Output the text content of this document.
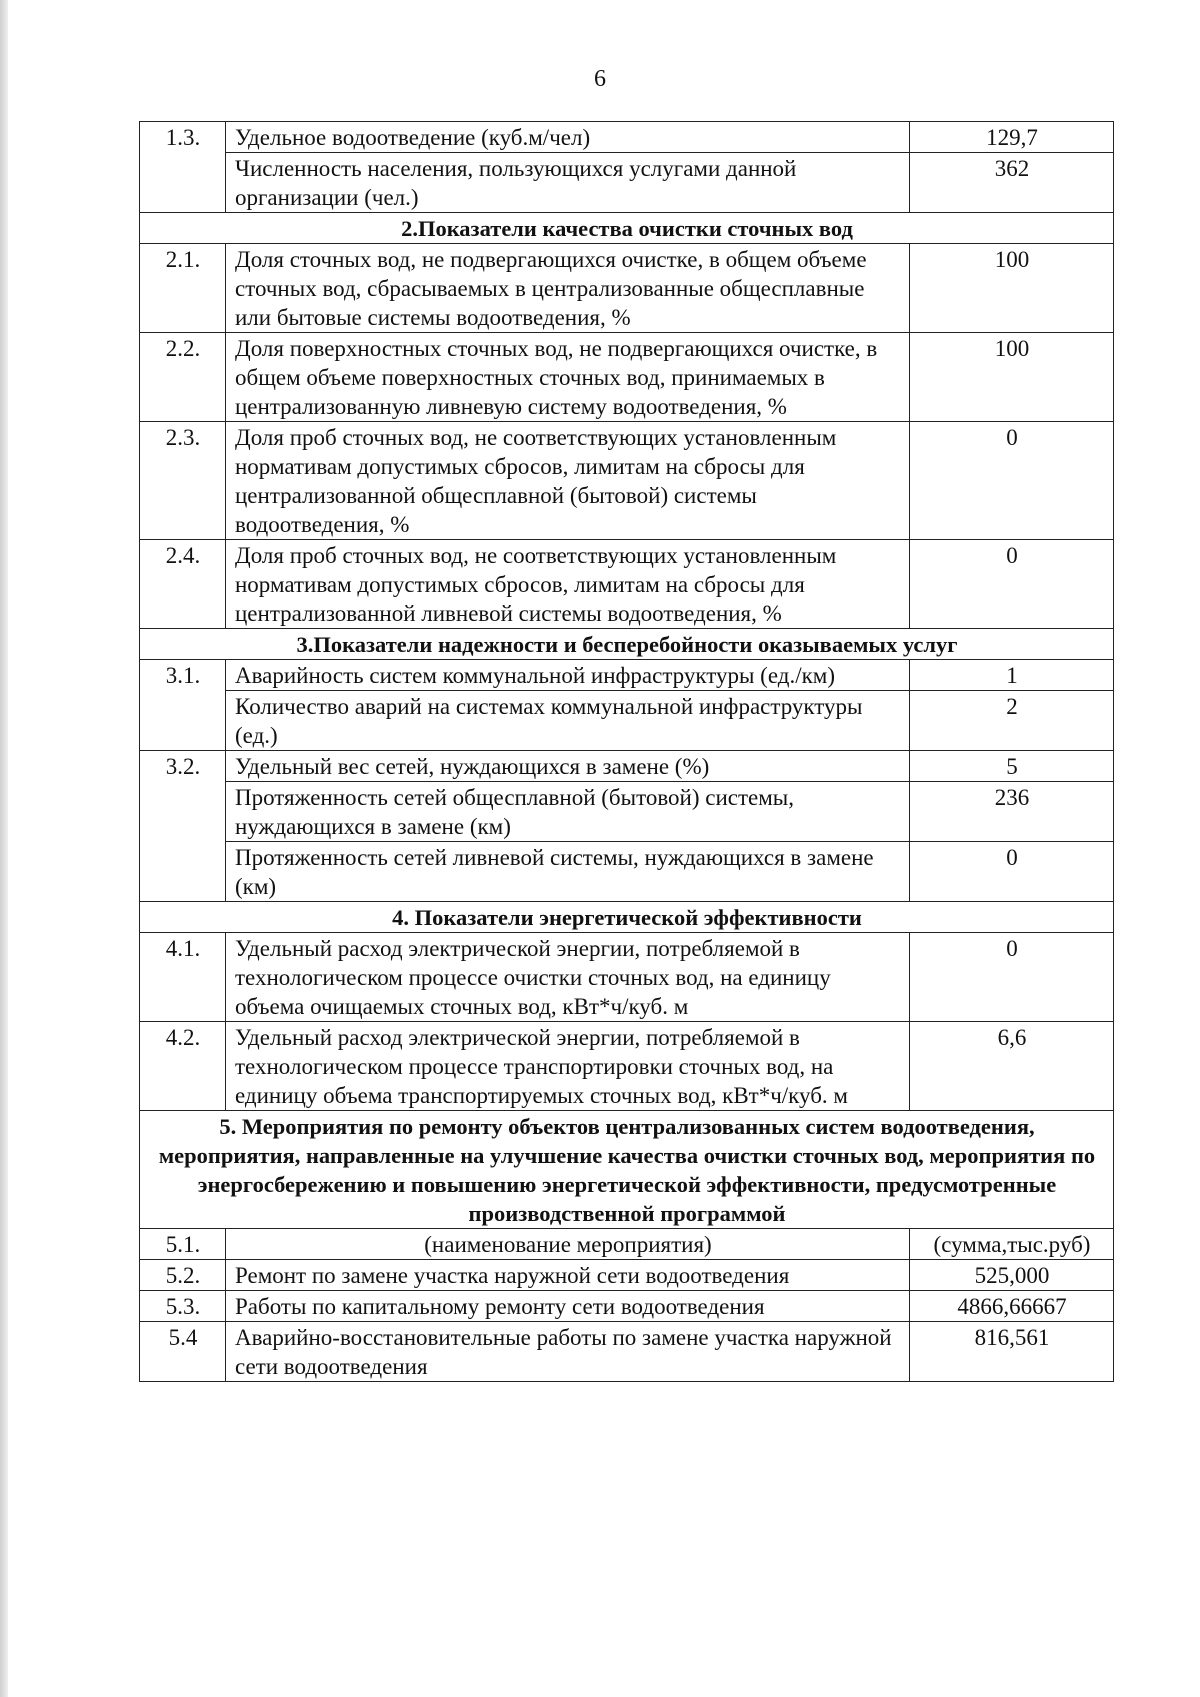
6
1.3.	Удельное водоотведение (куб.м/чел)	129,7
	Численность населения, пользующихся услугами данной организации (чел.)	362
2.Показатели качества очистки сточных вод		
2.1.	Доля сточных вод, не подвергающихся очистке, в общем объеме сточных вод, сбрасываемых в централизованные общесплавные или бытовые системы водоотведения, %	100
2.2.	Доля поверхностных сточных вод, не подвергающихся очистке, в общем объеме поверхностных сточных вод, принимаемых в централизованную ливневую систему водоотведения, %	100
2.3.	Доля проб сточных вод, не соответствующих установленным нормативам допустимых сбросов, лимитам на сбросы для централизованной общесплавной (бытовой) системы водоотведения, %	0
2.4.	Доля проб сточных вод, не соответствующих установленным нормативам допустимых сбросов, лимитам на сбросы для централизованной ливневой системы водоотведения, %	0
3.Показатели надежности и бесперебойности оказываемых услуг		
3.1.	Аварийность систем коммунальной инфраструктуры (ед./км)	1
	Количество аварий на системах коммунальной инфраструктуры (ед.)	2
3.2.	Удельный вес сетей, нуждающихся в замене (%)	5
	Протяженность сетей общесплавной (бытовой) системы, нуждающихся в замене (км)	236
	Протяженность сетей ливневой системы, нуждающихся в замене (км)	0
4. Показатели энергетической эффективности		
4.1.	Удельный расход электрической энергии, потребляемой в технологическом процессе очистки сточных вод, на единицу объема очищаемых сточных вод, кВт*ч/куб. м	0
4.2.	Удельный расход электрической энергии, потребляемой в технологическом процессе транспортировки сточных вод, на единицу объема транспортируемых сточных вод, кВт*ч/куб. м	6,6
5. Мероприятия по ремонту объектов централизованных систем водоотведения, мероприятия, направленные на улучшение качества очистки сточных вод, мероприятия по энергосбережению и повышению энергетической эффективности, предусмотренные производственной программой		
5.1.	(наименование мероприятия)	(сумма,тыс.руб)
5.2.	Ремонт по замене участка наружной сети водоотведения	525,000
5.3.	Работы по капитальному ремонту сети водоотведения	4866,66667
5.4	Аварийно-восстановительные работы по замене участка наружной сети водоотведения	816,561
